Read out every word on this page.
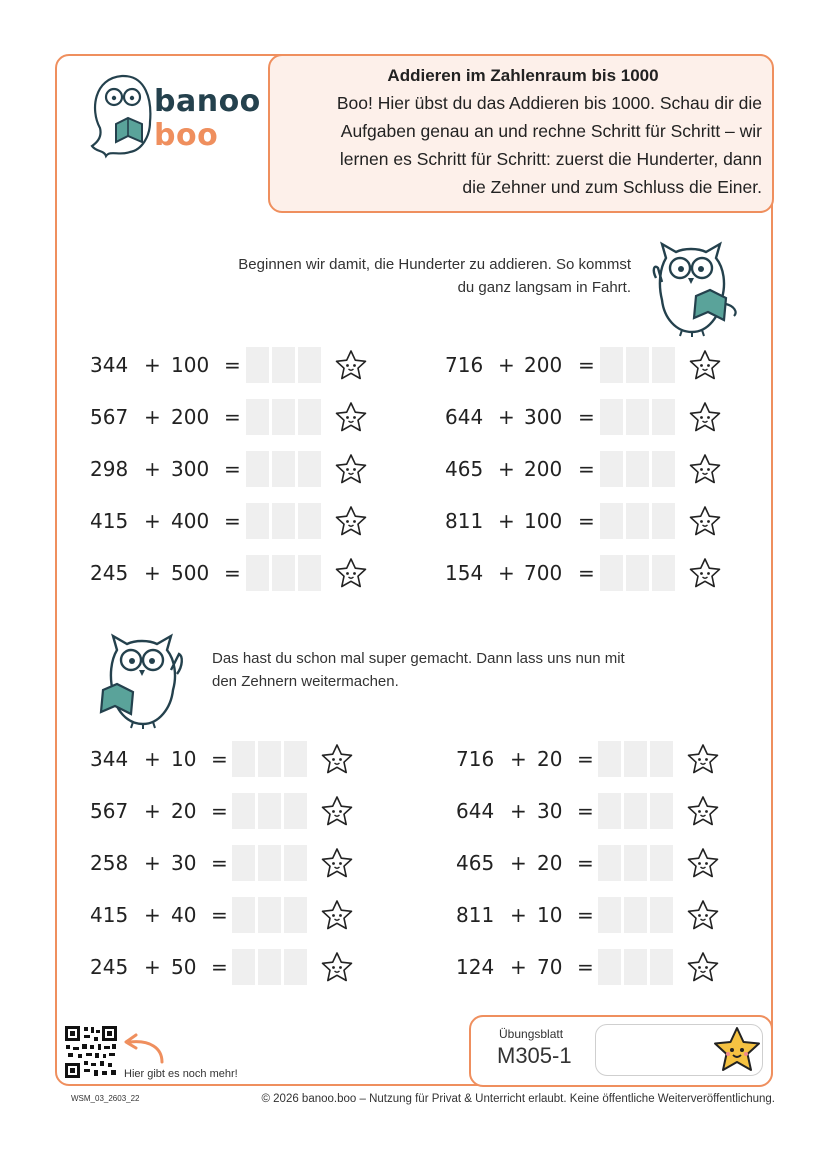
banoo
boo
Addieren im Zahlenraum bis 1000
Boo! Hier übst du das Addieren bis 1000. Schau dir die
Aufgaben genau an und rechne Schritt für Schritt – wir
lernen es Schritt für Schritt: zuerst die Hunderter, dann
die Zehner und zum Schluss die Einer.
Beginnen wir damit, die Hunderter zu addieren. So kommst
du ganz langsam in Fahrt.
Das hast du schon mal super gemacht. Dann lass uns nun mit
den Zehnern weitermachen.
344 + 100 =
567 + 200 =
298 + 300 =
415 + 400 =
245 + 500 =
716 + 200 =
644 + 300 =
465 + 200 =
811 + 100 =
154 + 700 =
344 + 10 =
567 + 20 =
258 + 30 =
415 + 40 =
245 + 50 =
716 + 20 =
644 + 30 =
465 + 20 =
811 + 10 =
124 + 70 =
Hier gibt es noch mehr!
Übungsblatt
M305-1
WSM_03_2603_22	© 2026 banoo.boo – Nutzung für Privat & Unterricht erlaubt. Keine öffentliche Weiterveröffentlichung.
